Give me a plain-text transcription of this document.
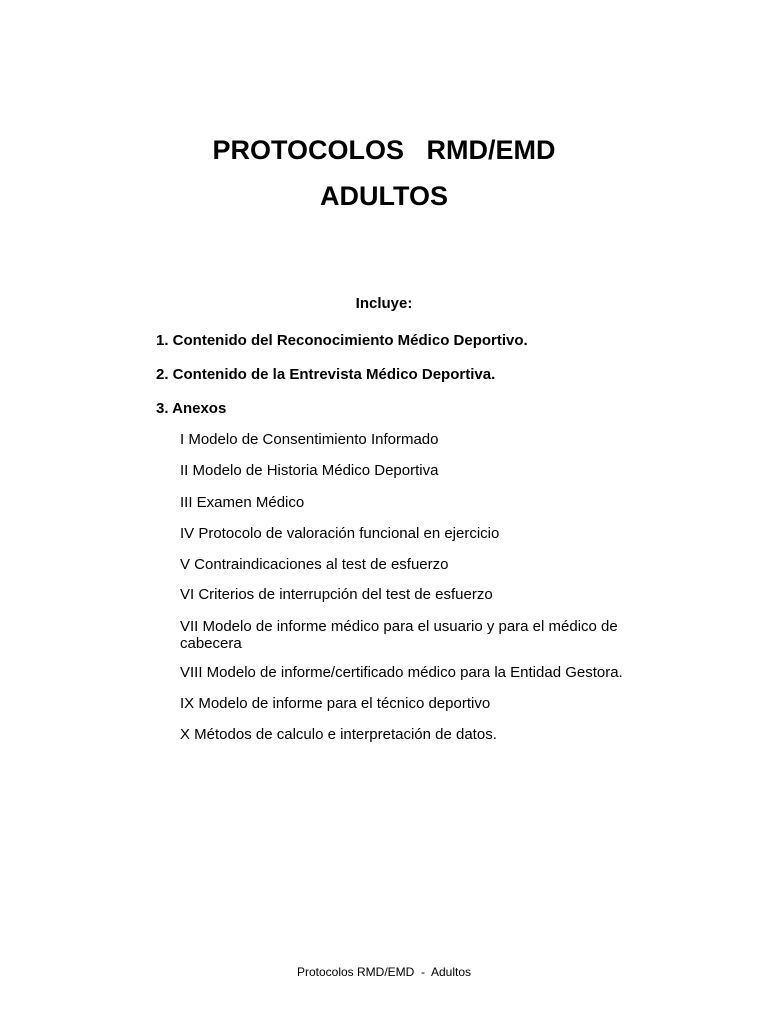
PROTOCOLOS   RMD/EMD
ADULTOS
Incluye:
1. Contenido del Reconocimiento Médico Deportivo.
2. Contenido de la Entrevista Médico Deportiva.
3. Anexos
I Modelo de Consentimiento Informado
II Modelo de Historia Médico Deportiva
III Examen Médico
IV Protocolo de valoración funcional en ejercicio
V Contraindicaciones al test de esfuerzo
VI Criterios de interrupción del test de esfuerzo
VII Modelo de informe médico para el usuario y para el médico de cabecera
VIII Modelo de informe/certificado médico para la Entidad Gestora.
IX Modelo de informe para el técnico deportivo
X Métodos de calculo e interpretación de datos.
Protocolos RMD/EMD  -  Adultos
